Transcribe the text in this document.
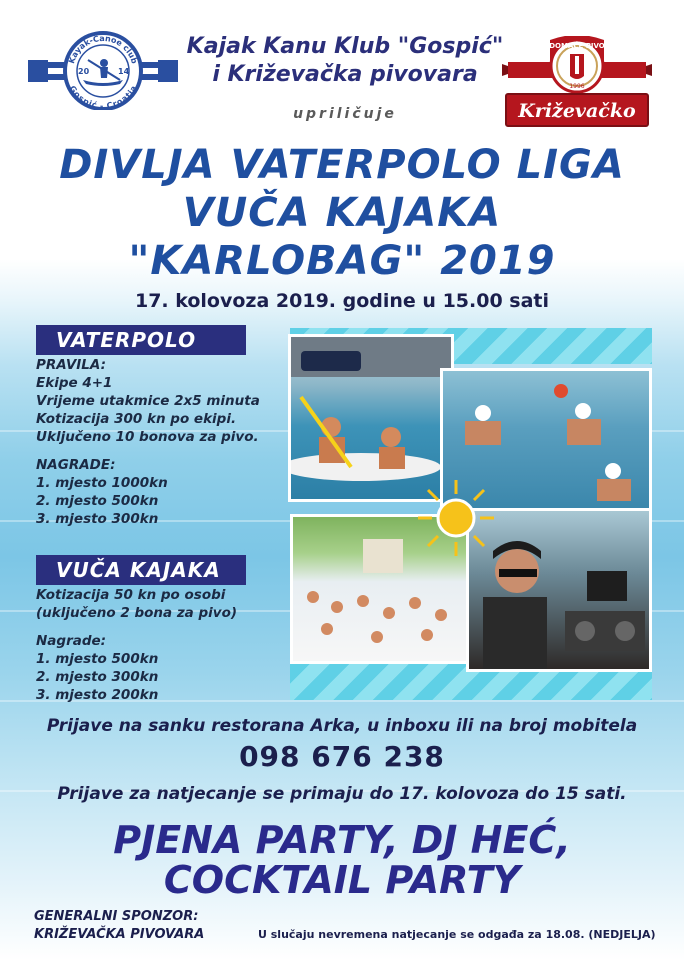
Kayak-Canoe club
Gospić - Croatia
20	14
Kajak Kanu Klub "Gospić"
i Križevačka pivovara
upriličuje
DOMAĆE PIVO
1996
Križevačko
DIVLJA VATERPOLO LIGA
VUČA KAJAKA
"KARLOBAG" 2019
17. kolovoza 2019. godine u 15.00 sati
VATERPOLO
PRAVILA:
Ekipe 4+1
Vrijeme utakmice 2x5 minuta
Kotizacija 300 kn po ekipi.
Uključeno 10 bonova za pivo.
NAGRADE:
1. mjesto 1000kn
2. mjesto 500kn
3. mjesto 300kn
VUČA KAJAKA
Kotizacija 50 kn po osobi
(uključeno 2 bona za pivo)
Nagrade:
1. mjesto 500kn
2. mjesto 300kn
3. mjesto 200kn
Prijave na sanku restorana Arka, u inboxu ili na broj mobitela
098 676 238
Prijave za natjecanje se primaju do 17. kolovoza do 15 sati.
PJENA PARTY, DJ HEĆ,
COCKTAIL PARTY
GENERALNI SPONZOR:
KRIŽEVAČKA PIVOVARA	U slučaju nevremena natjecanje se odgađa za 18.08. (NEDJELJA)
